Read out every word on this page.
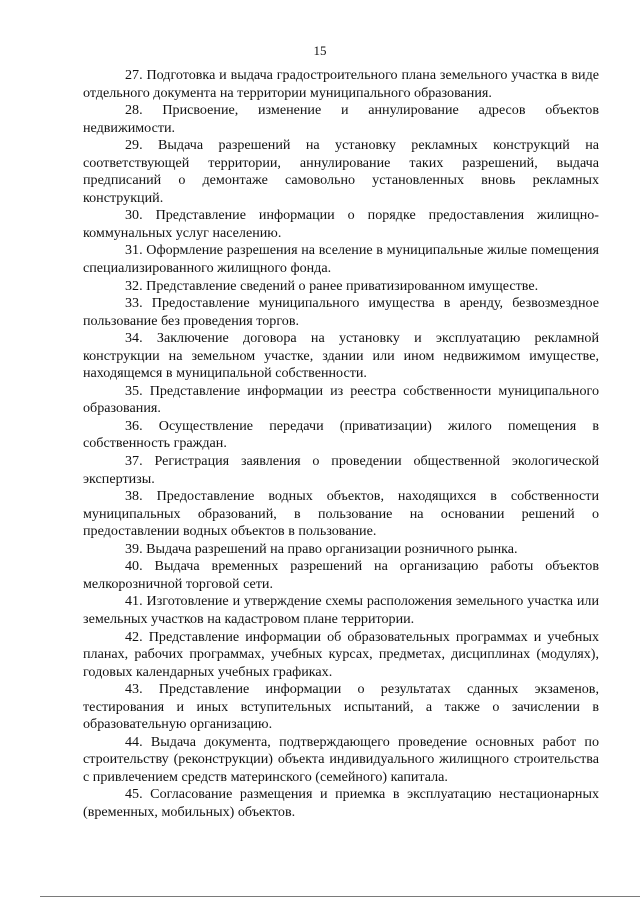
15

27. Подготовка и выдача градостроительного плана земельного участка в виде отдельного документа на территории муниципального образования.

28. Присвоение, изменение и аннулирование адресов объектов недвижимости.

29. Выдача разрешений на установку рекламных конструкций на соответствующей территории, аннулирование таких разрешений, выдача предписаний о демонтаже самовольно установленных вновь рекламных конструкций.

30. Представление информации о порядке предоставления жилищно-коммунальных услуг населению.

31. Оформление разрешения на вселение в муниципальные жилые помещения специализированного жилищного фонда.

32. Представление сведений о ранее приватизированном имуществе.

33. Предоставление муниципального имущества в аренду, безвозмездное пользование без проведения торгов.

34. Заключение договора на установку и эксплуатацию рекламной конструкции на земельном участке, здании или ином недвижимом имуществе, находящемся в муниципальной собственности.

35. Представление информации из реестра собственности муниципального образования.

36. Осуществление передачи (приватизации) жилого помещения в собственность граждан.

37. Регистрация заявления о проведении общественной экологической экспертизы.

38. Предоставление водных объектов, находящихся в собственности муниципальных образований, в пользование на основании решений о предоставлении водных объектов в пользование.

39. Выдача разрешений на право организации розничного рынка.

40. Выдача временных разрешений на организацию работы объектов мелкорозничной торговой сети.

41. Изготовление и утверждение схемы расположения земельного участка или земельных участков на кадастровом плане территории.

42. Представление информации об образовательных программах и учебных планах, рабочих программах, учебных курсах, предметах, дисциплинах (модулях), годовых календарных учебных графиках.

43. Представление информации о результатах сданных экзаменов, тестирования и иных вступительных испытаний, а также о зачислении в образовательную организацию.

44. Выдача документа, подтверждающего проведение основных работ по строительству (реконструкции) объекта индивидуального жилищного строительства с привлечением средств материнского (семейного) капитала.

45. Согласование размещения и приемка в эксплуатацию нестационарных (временных, мобильных) объектов.
